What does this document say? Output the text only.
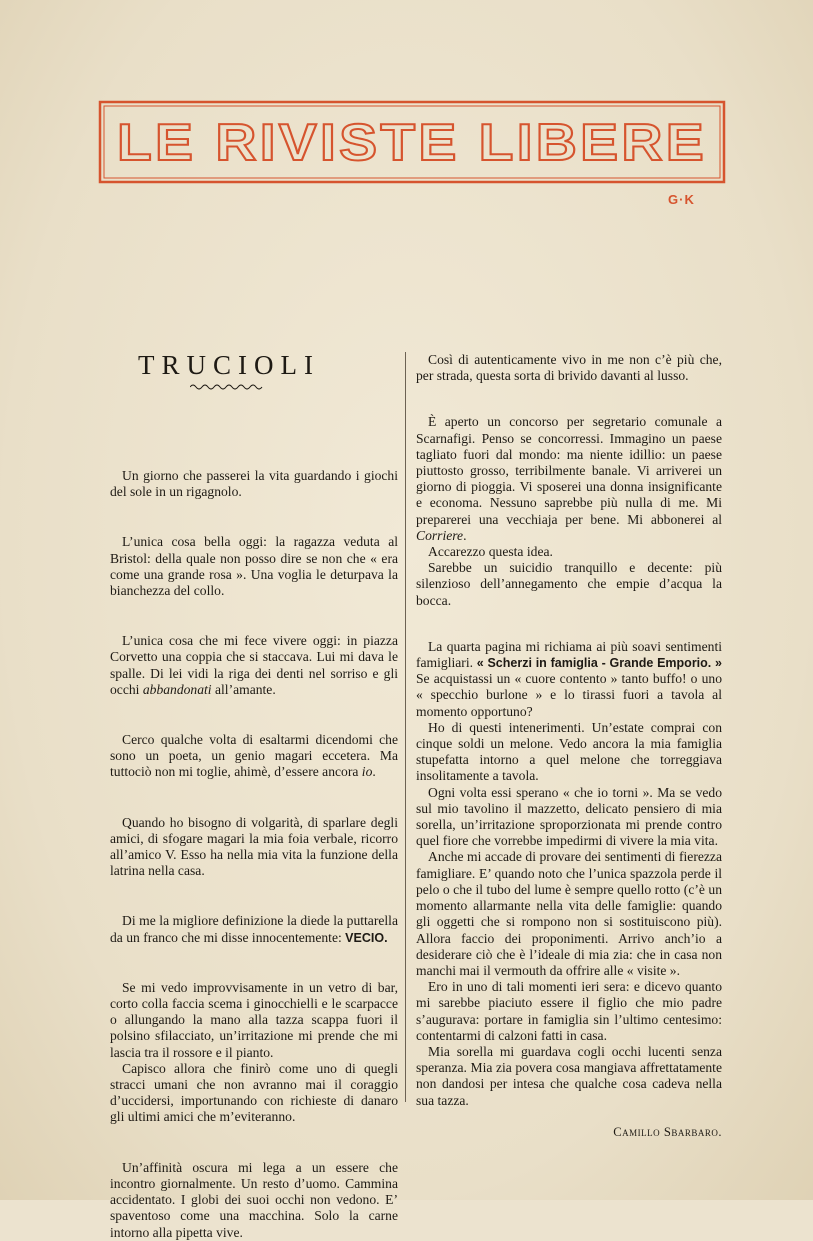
LE RIVISTE LIBERE
G·K
TRUCIOLI

Un giorno che passerei la vita guardando i giochi del sole in un rigagnolo.

L’unica cosa bella oggi: la ragazza veduta al Bristol: della quale non posso dire se non che « era come una grande rosa ». Una voglia le deturpava la bianchezza del collo.

L’unica cosa che mi fece vivere oggi: in piazza Corvetto una coppia che si staccava. Lui mi dava le spalle. Di lei vidi la riga dei denti nel sorriso e gli occhi abbandonati all’amante.

Cerco qualche volta di esaltarmi dicendomi che sono un poeta, un genio magari eccetera. Ma tuttociò non mi toglie, ahimè, d’essere ancora io.

Quando ho bisogno di volgarità, di sparlare degli amici, di sfogare magari la mia foia verbale, ricorro all’amico V. Esso ha nella mia vita la funzione della latrina nella casa.

Di me la migliore definizione la diede la puttarella da un franco che mi disse innocentemente: VECIO.

Se mi vedo improvvisamente in un vetro di bar, corto colla faccia scema i ginocchielli e le scarpacce o allungando la mano alla tazza scappa fuori il polsino sfilacciato, un’irritazione mi prende che mi lascia tra il rossore e il pianto.

Capisco allora che finirò come uno di quegli stracci umani che non avranno mai il coraggio d’uccidersi, importunando con richieste di danaro gli ultimi amici che m’eviteranno.

Un’affinità oscura mi lega a un essere che incontro giornalmente. Un resto d’uomo. Cammina accidentato. I globi dei suoi occhi non vedono. E’ spaventoso come una macchina. Solo la carne intorno alla pipetta vive.

Così di autenticamente vivo in me non c’è più che, per strada, questa sorta di brivido davanti al lusso.

È aperto un concorso per segretario comunale a Scarnafigi. Penso se concorressi. Immagino un paese tagliato fuori dal mondo: ma niente idillio: un paese piuttosto grosso, terribilmente banale. Vi arriverei un giorno di pioggia. Vi sposerei una donna insignificante e economa. Nessuno saprebbe più nulla di me. Mi preparerei una vecchiaja per bene. Mi abbonerei al Corriere.

Accarezzo questa idea.

Sarebbe un suicidio tranquillo e decente: più silenzioso dell’annegamento che empie d’acqua la bocca.

La quarta pagina mi richiama ai più soavi sentimenti famigliari. « Scherzi in famiglia - Grande Emporio. » Se acquistassi un « cuore contento » tanto buffo! o uno « specchio burlone » e lo tirassi fuori a tavola al momento opportuno?

Ho di questi intenerimenti. Un’estate comprai con cinque soldi un melone. Vedo ancora la mia famiglia stupefatta intorno a quel melone che torreggiava insolitamente a tavola.

Ogni volta essi sperano « che io torni ». Ma se vedo sul mio tavolino il mazzetto, delicato pensiero di mia sorella, un’irritazione sproporzionata mi prende contro quel fiore che vorrebbe impedirmi di vivere la mia vita.

Anche mi accade di provare dei sentimenti di fierezza famigliare. E’ quando noto che l’unica spazzola perde il pelo o che il tubo del lume è sempre quello rotto (c’è un momento allarmante nella vita delle famiglie: quando gli oggetti che si rompono non si sostituiscono più). Allora faccio dei proponimenti. Arrivo anch’io a desiderare ciò che è l’ideale di mia zia: che in casa non manchi mai il vermouth da offrire alle « visite ».

Ero in uno di tali momenti ieri sera: e dicevo quanto mi sarebbe piaciuto essere il figlio che mio padre s’augurava: portare in famiglia sin l’ultimo centesimo: contentarmi di calzoni fatti in casa.

Mia sorella mi guardava cogli occhi lucenti senza speranza. Mia zia povera cosa mangiava affrettatamente non dandosi per intesa che qualche cosa cadeva nella sua tazza.

Camillo Sbarbaro.
